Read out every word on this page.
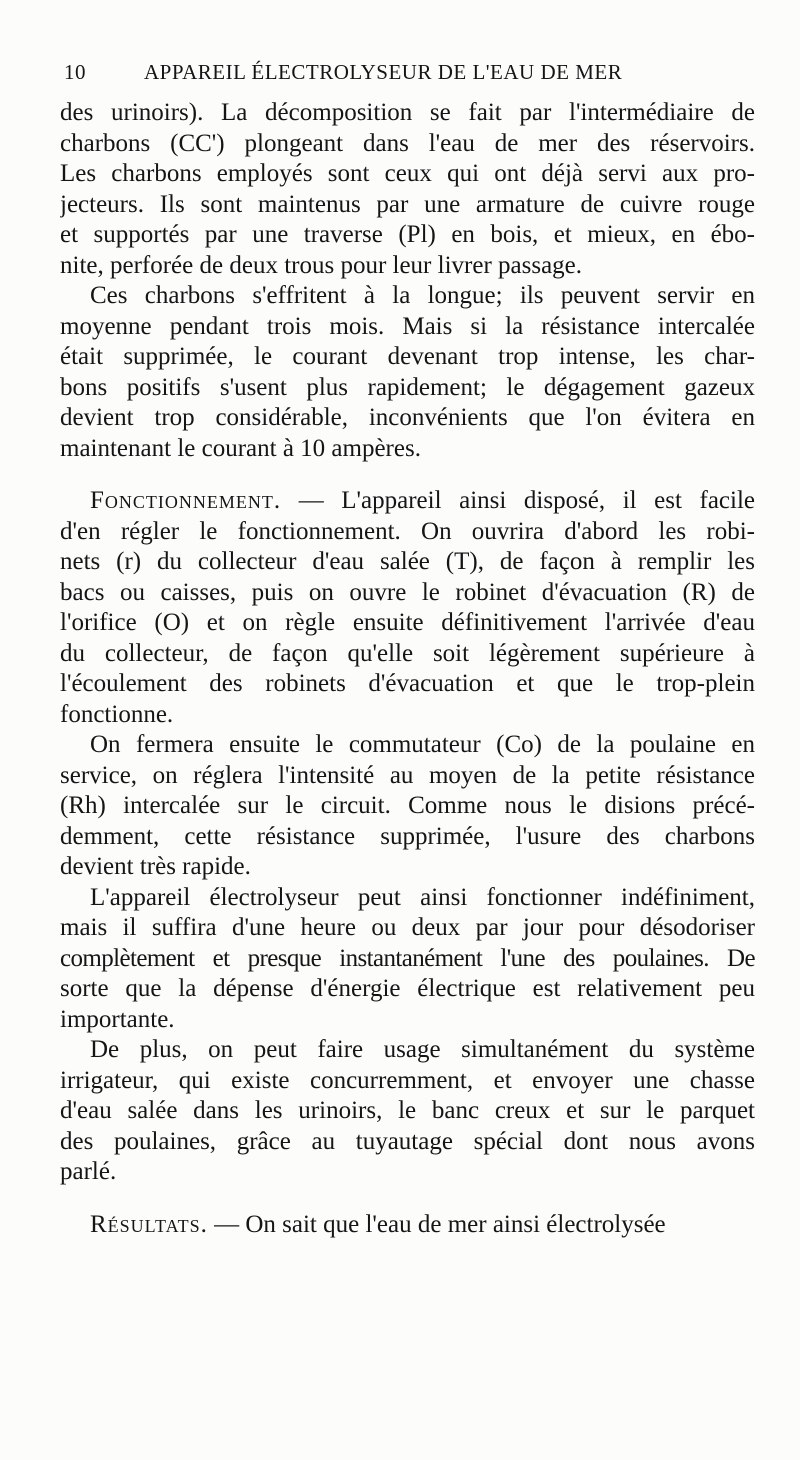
10	APPAREIL ÉLECTROLYSEUR DE L'EAU DE MER
des urinoirs). La décomposition se fait par l'intermédiaire de
charbons (CC') plongeant dans l'eau de mer des réservoirs.
Les charbons employés sont ceux qui ont déjà servi aux pro-
jecteurs. Ils sont maintenus par une armature de cuivre rouge
et supportés par une traverse (Pl) en bois, et mieux, en ébo-
nite, perforée de deux trous pour leur livrer passage.
Ces charbons s'effritent à la longue; ils peuvent servir en
moyenne pendant trois mois. Mais si la résistance intercalée
était supprimée, le courant devenant trop intense, les char-
bons positifs s'usent plus rapidement; le dégagement gazeux
devient trop considérable, inconvénients que l'on évitera en
maintenant le courant à 10 ampères.
Fonctionnement. — L'appareil ainsi disposé, il est facile
d'en régler le fonctionnement. On ouvrira d'abord les robi-
nets (r) du collecteur d'eau salée (T), de façon à remplir les
bacs ou caisses, puis on ouvre le robinet d'évacuation (R) de
l'orifice (O) et on règle ensuite définitivement l'arrivée d'eau
du collecteur, de façon qu'elle soit légèrement supérieure à
l'écoulement des robinets d'évacuation et que le trop-plein
fonctionne.
On fermera ensuite le commutateur (Co) de la poulaine en
service, on réglera l'intensité au moyen de la petite résistance
(Rh) intercalée sur le circuit. Comme nous le disions précé-
demment, cette résistance supprimée, l'usure des charbons
devient très rapide.
L'appareil électrolyseur peut ainsi fonctionner indéfiniment,
mais il suffira d'une heure ou deux par jour pour désodoriser
complètement et presque instantanément l'une des poulaines. De
sorte que la dépense d'énergie électrique est relativement peu
importante.
De plus, on peut faire usage simultanément du système
irrigateur, qui existe concurremment, et envoyer une chasse
d'eau salée dans les urinoirs, le banc creux et sur le parquet
des poulaines, grâce au tuyautage spécial dont nous avons
parlé.
Résultats. — On sait que l'eau de mer ainsi électrolysée
